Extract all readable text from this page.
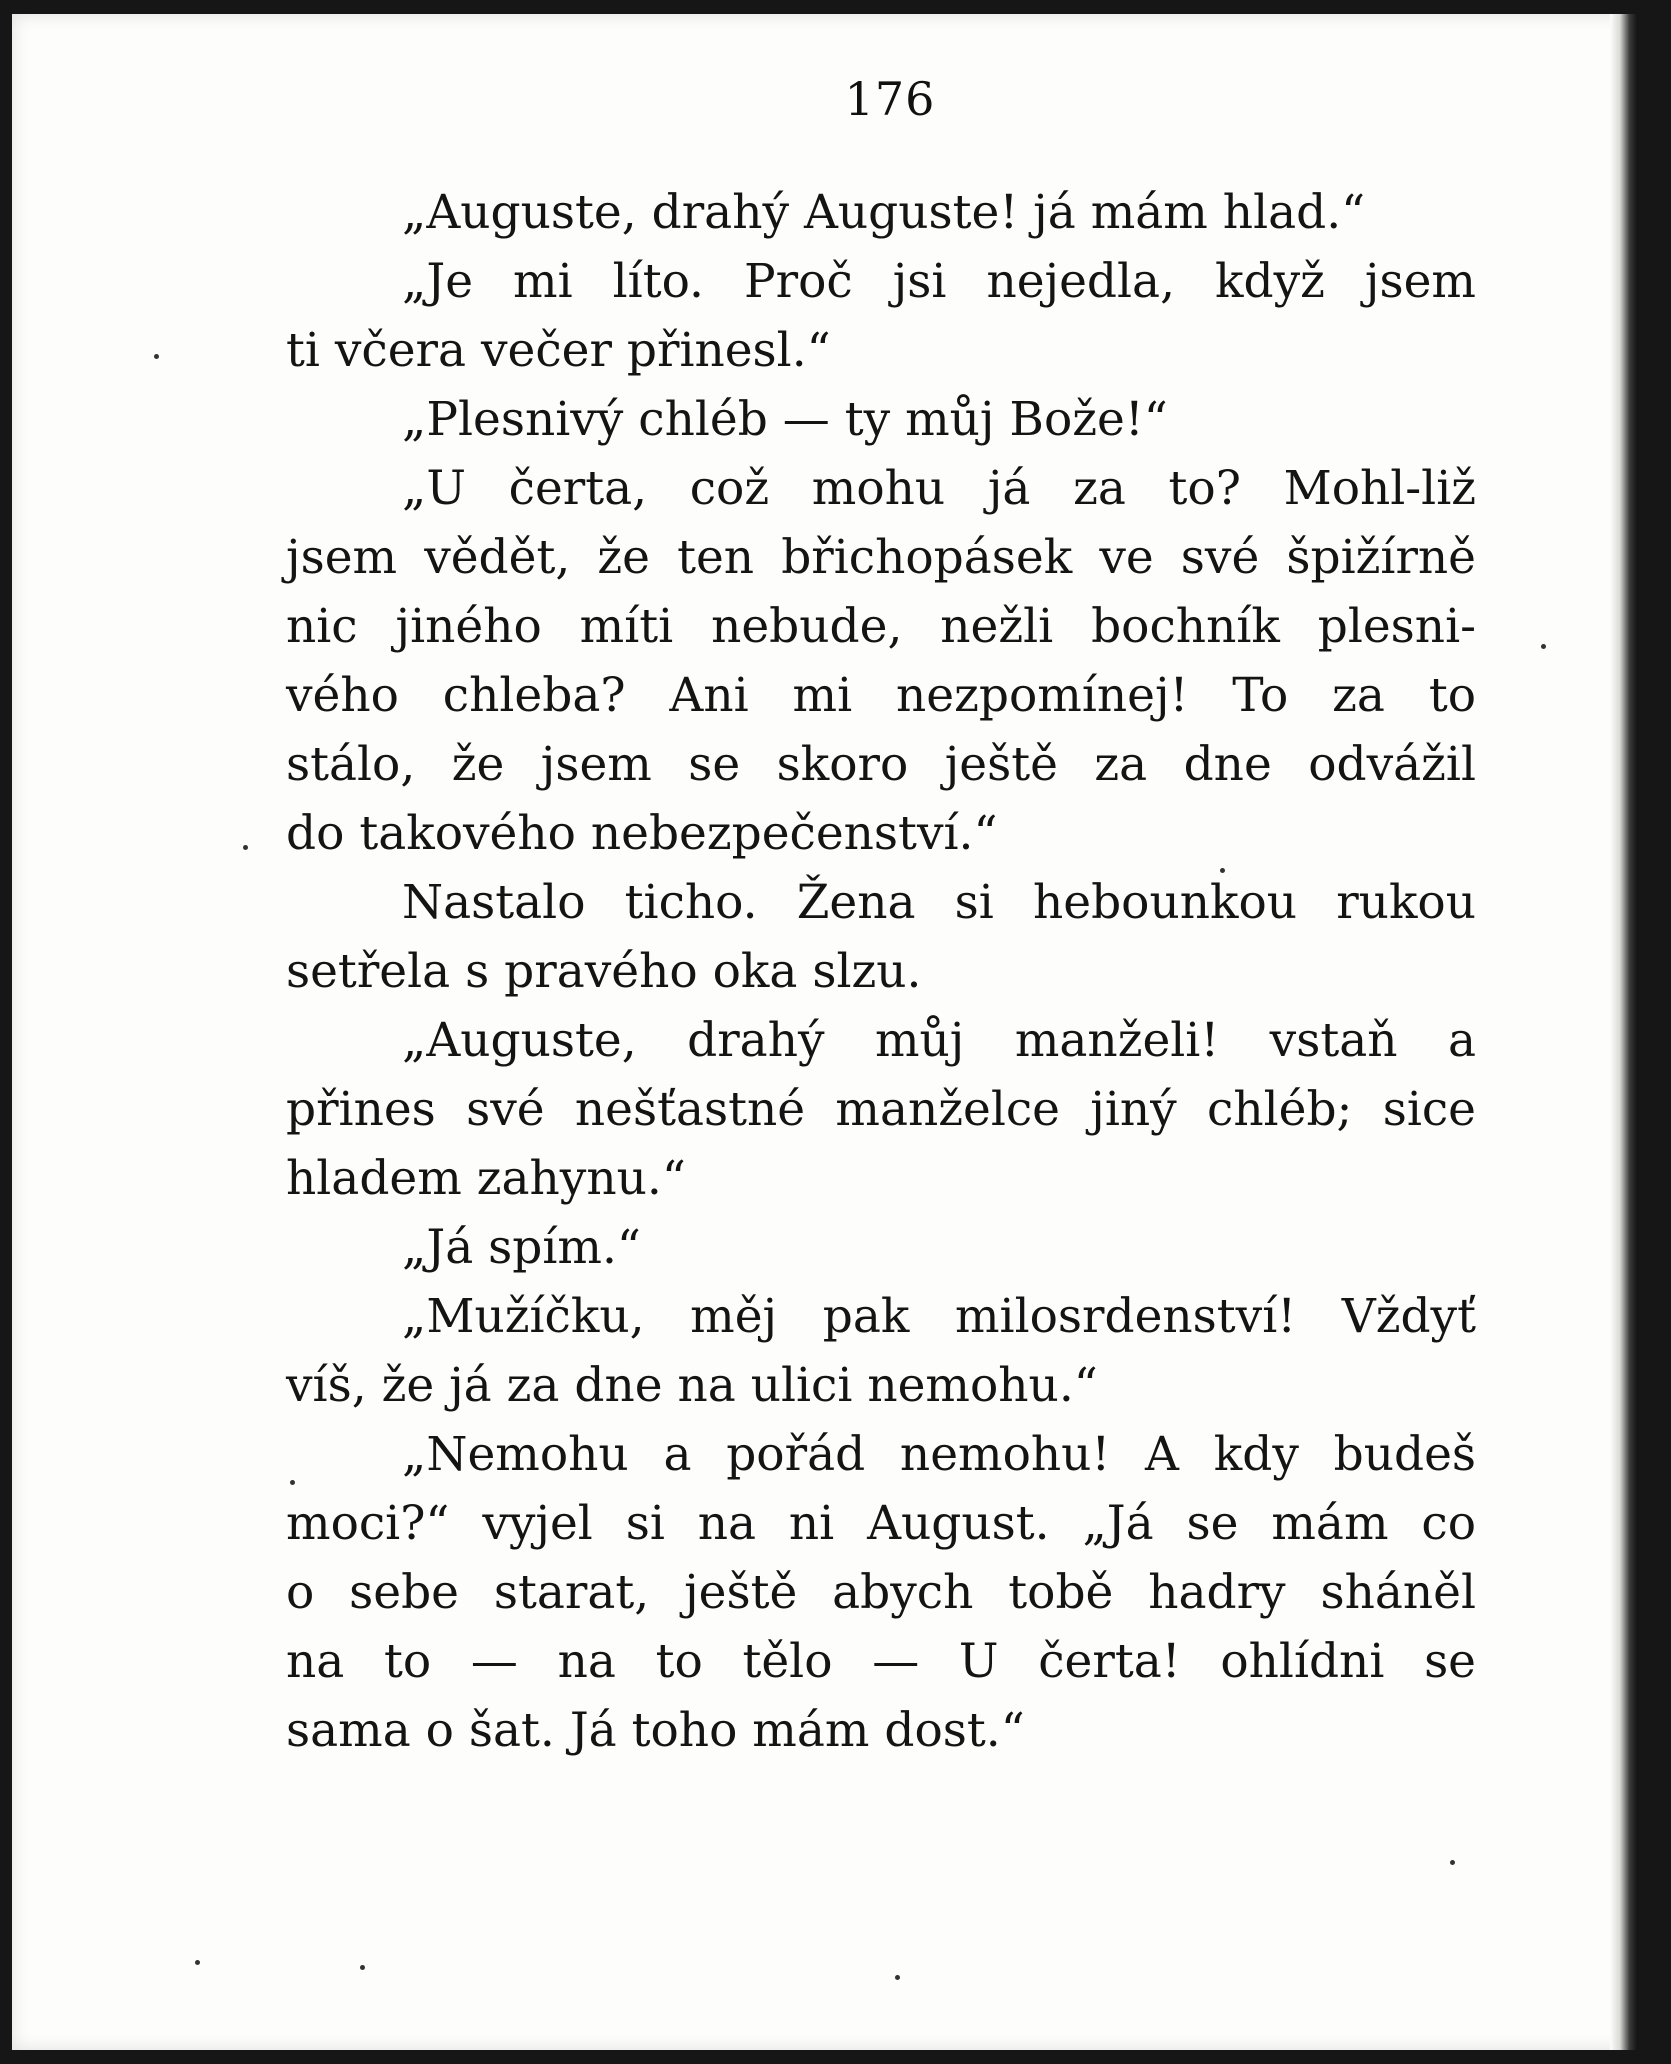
176
„Auguste, drahý Auguste! já mám hlad.“
„Je mi líto. Proč jsi nejedla, když jsem
ti včera večer přinesl.“
„Plesnivý chléb — ty můj Bože!“
„U čerta, což mohu já za to? Mohl-liž
jsem vědět, že ten břichopásek ve své špižírně
nic jiného míti nebude, nežli bochník plesni-
vého chleba? Ani mi nezpomínej! To za to
stálo, že jsem se skoro ještě za dne odvážil
do takového nebezpečenství.“
Nastalo ticho. Žena si hebounkou rukou
setřela s pravého oka slzu.
„Auguste, drahý můj manželi! vstaň a
přines své nešťastné manželce jiný chléb; sice
hladem zahynu.“
„Já spím.“
„Mužíčku, měj pak milosrdenství! Vždyť
víš, že já za dne na ulici nemohu.“
„Nemohu a pořád nemohu! A kdy budeš
moci?“ vyjel si na ni August. „Já se mám co
o sebe starat, ještě abych tobě hadry sháněl
na to — na to tělo — U čerta! ohlídni se
sama o šat. Já toho mám dost.“
